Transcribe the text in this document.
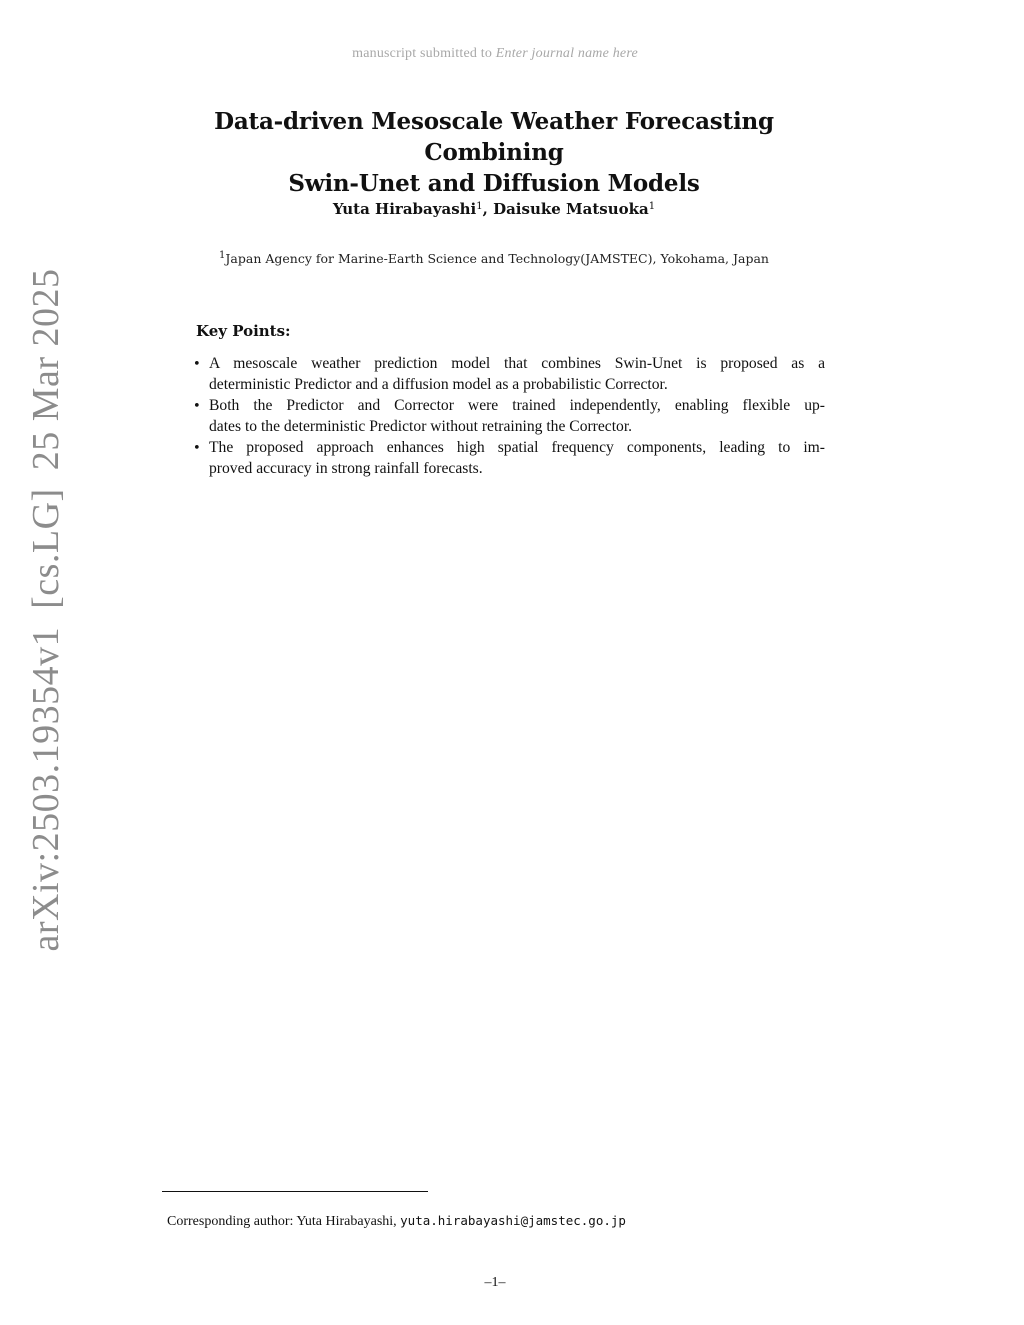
manuscript submitted to Enter journal name here
arXiv:2503.19354v1[cs.LG]25 Mar 2025
Data-driven Mesoscale Weather Forecasting Combining
Swin-Unet and Diffusion Models
Yuta Hirabayashi$^1$, Daisuke Matsuoka$^1$
$^1$Japan Agency for Marine-Earth Science and Technology(JAMSTEC), Yokohama, Japan
Key Points:
• A mesoscale weather prediction model that combines Swin-Unet is proposed as a
deterministic Predictor and a diffusion model as a probabilistic Corrector.
• Both the Predictor and Corrector were trained independently, enabling flexible up-
dates to the deterministic Predictor without retraining the Corrector.
• The proposed approach enhances high spatial frequency components, leading to im-
proved accuracy in strong rainfall forecasts.
Corresponding author: Yuta Hirabayashi, yuta.hirabayashi@jamstec.go.jp
–1–
